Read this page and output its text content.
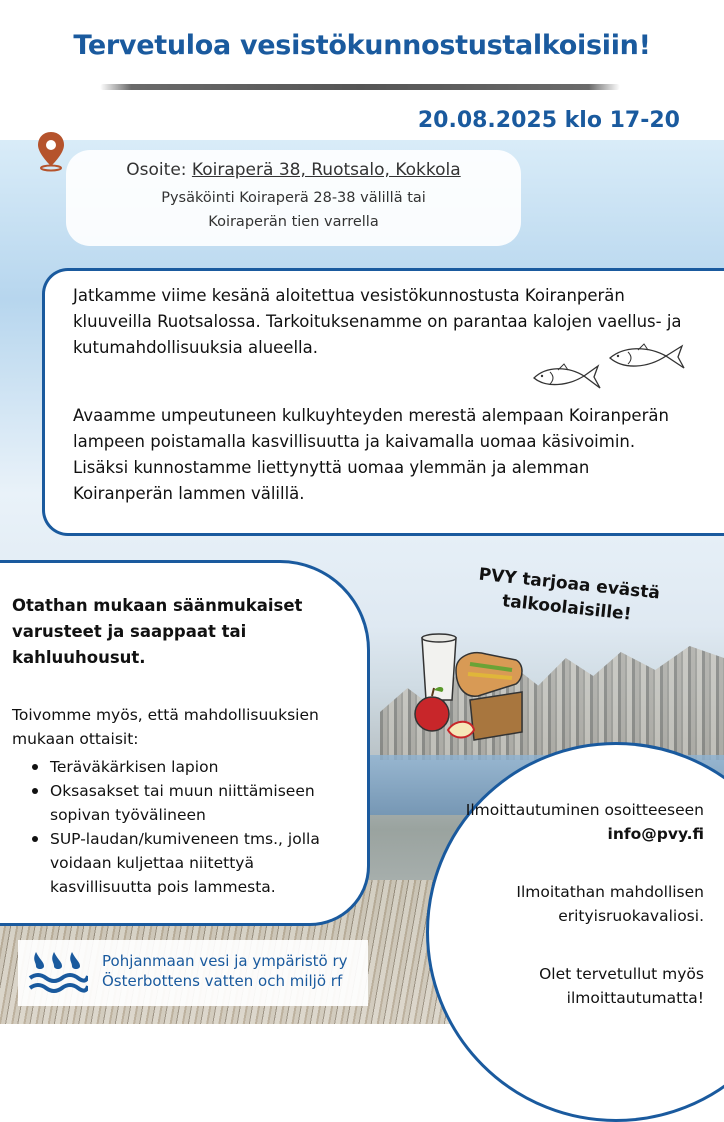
Tervetuloa vesistökunnostustalkoisiin!

20.08.2025 klo 17-20

Osoite: Koiraperä 38, Ruotsalo, Kokkola

Pysäköinti Koiraperä 28-38 välillä tai

Koiraperän tien varrella

Jatkamme viime kesänä aloitettua vesistökunnostusta Koiranperän kluuveilla Ruotsalossa. Tarkoituksenamme on parantaa kalojen vaellus- ja kutumahdollisuuksia alueella.

Avaamme umpeutuneen kulkuyhteyden merestä alempaan Koiranperän lampeen poistamalla kasvillisuutta ja kaivamalla uomaa käsivoimin. Lisäksi kunnostamme liettynyttä uomaa ylemmän ja alemman Koiranperän lammen välillä.

Otathan mukaan säänmukaiset varusteet ja saappaat tai kahluuhousut.

Toivomme myös, että mahdollisuuksien mukaan ottaisit:

Teräväkärkisen lapion
Oksasakset tai muun niittämiseen sopivan työvälineen
SUP-laudan/kumiveneen tms., jolla voidaan kuljettaa niitettyä kasvillisuutta pois lammesta.

PVY tarjoaa evästä talkoolaisille!

Ilmoittautuminen osoitteeseen info@pvy.fi

Ilmoitathan mahdollisen erityisruokavaliosi.

Olet tervetullut myös ilmoittautumatta!

Pohjanmaan vesi ja ympäristö ry

Österbottens vatten och miljö rf
